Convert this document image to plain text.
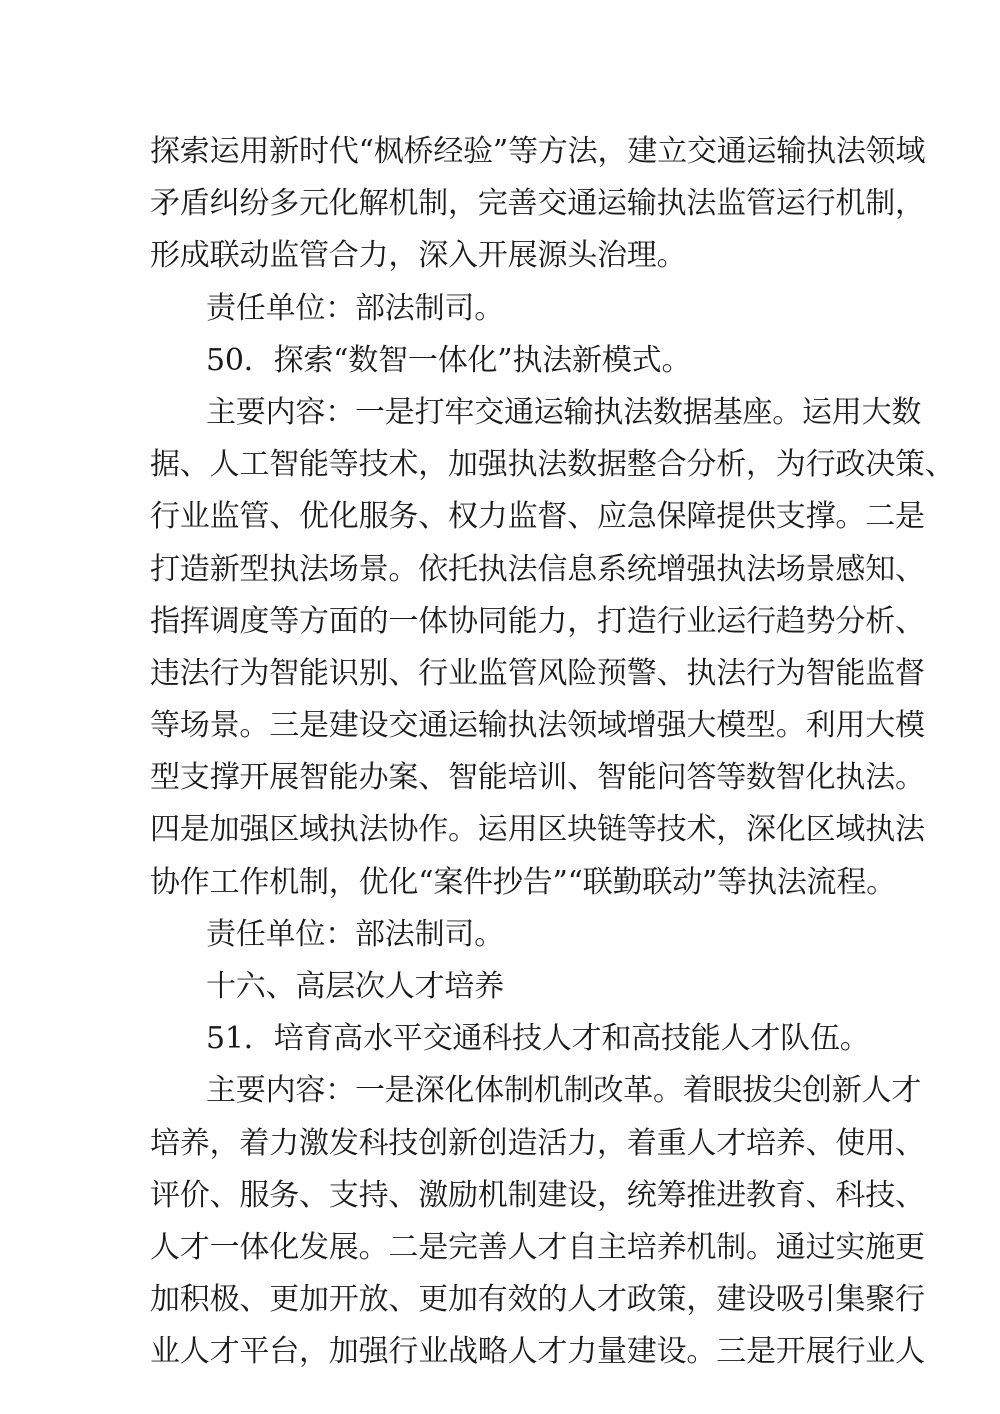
探索运用新时代“枫桥经验”等方法，建立交通运输执法领域
矛盾纠纷多元化解机制，完善交通运输执法监管运行机制，
形成联动监管合力，深入开展源头治理。
责任单位：部法制司。
50．探索“数智一体化”执法新模式。
主要内容：一是打牢交通运输执法数据基座。运用大数
据、人工智能等技术，加强执法数据整合分析，为行政决策、
行业监管、优化服务、权力监督、应急保障提供支撑。二是
打造新型执法场景。依托执法信息系统增强执法场景感知、
指挥调度等方面的一体协同能力，打造行业运行趋势分析、
违法行为智能识别、行业监管风险预警、执法行为智能监督
等场景。三是建设交通运输执法领域增强大模型。利用大模
型支撑开展智能办案、智能培训、智能问答等数智化执法。
四是加强区域执法协作。运用区块链等技术，深化区域执法
协作工作机制，优化“案件抄告”“联勤联动”等执法流程。
责任单位：部法制司。
十六、高层次人才培养
51．培育高水平交通科技人才和高技能人才队伍。
主要内容：一是深化体制机制改革。着眼拔尖创新人才
培养，着力激发科技创新创造活力，着重人才培养、使用、
评价、服务、支持、激励机制建设，统筹推进教育、科技、
人才一体化发展。二是完善人才自主培养机制。通过实施更
加积极、更加开放、更加有效的人才政策，建设吸引集聚行
业人才平台，加强行业战略人才力量建设。三是开展行业人
